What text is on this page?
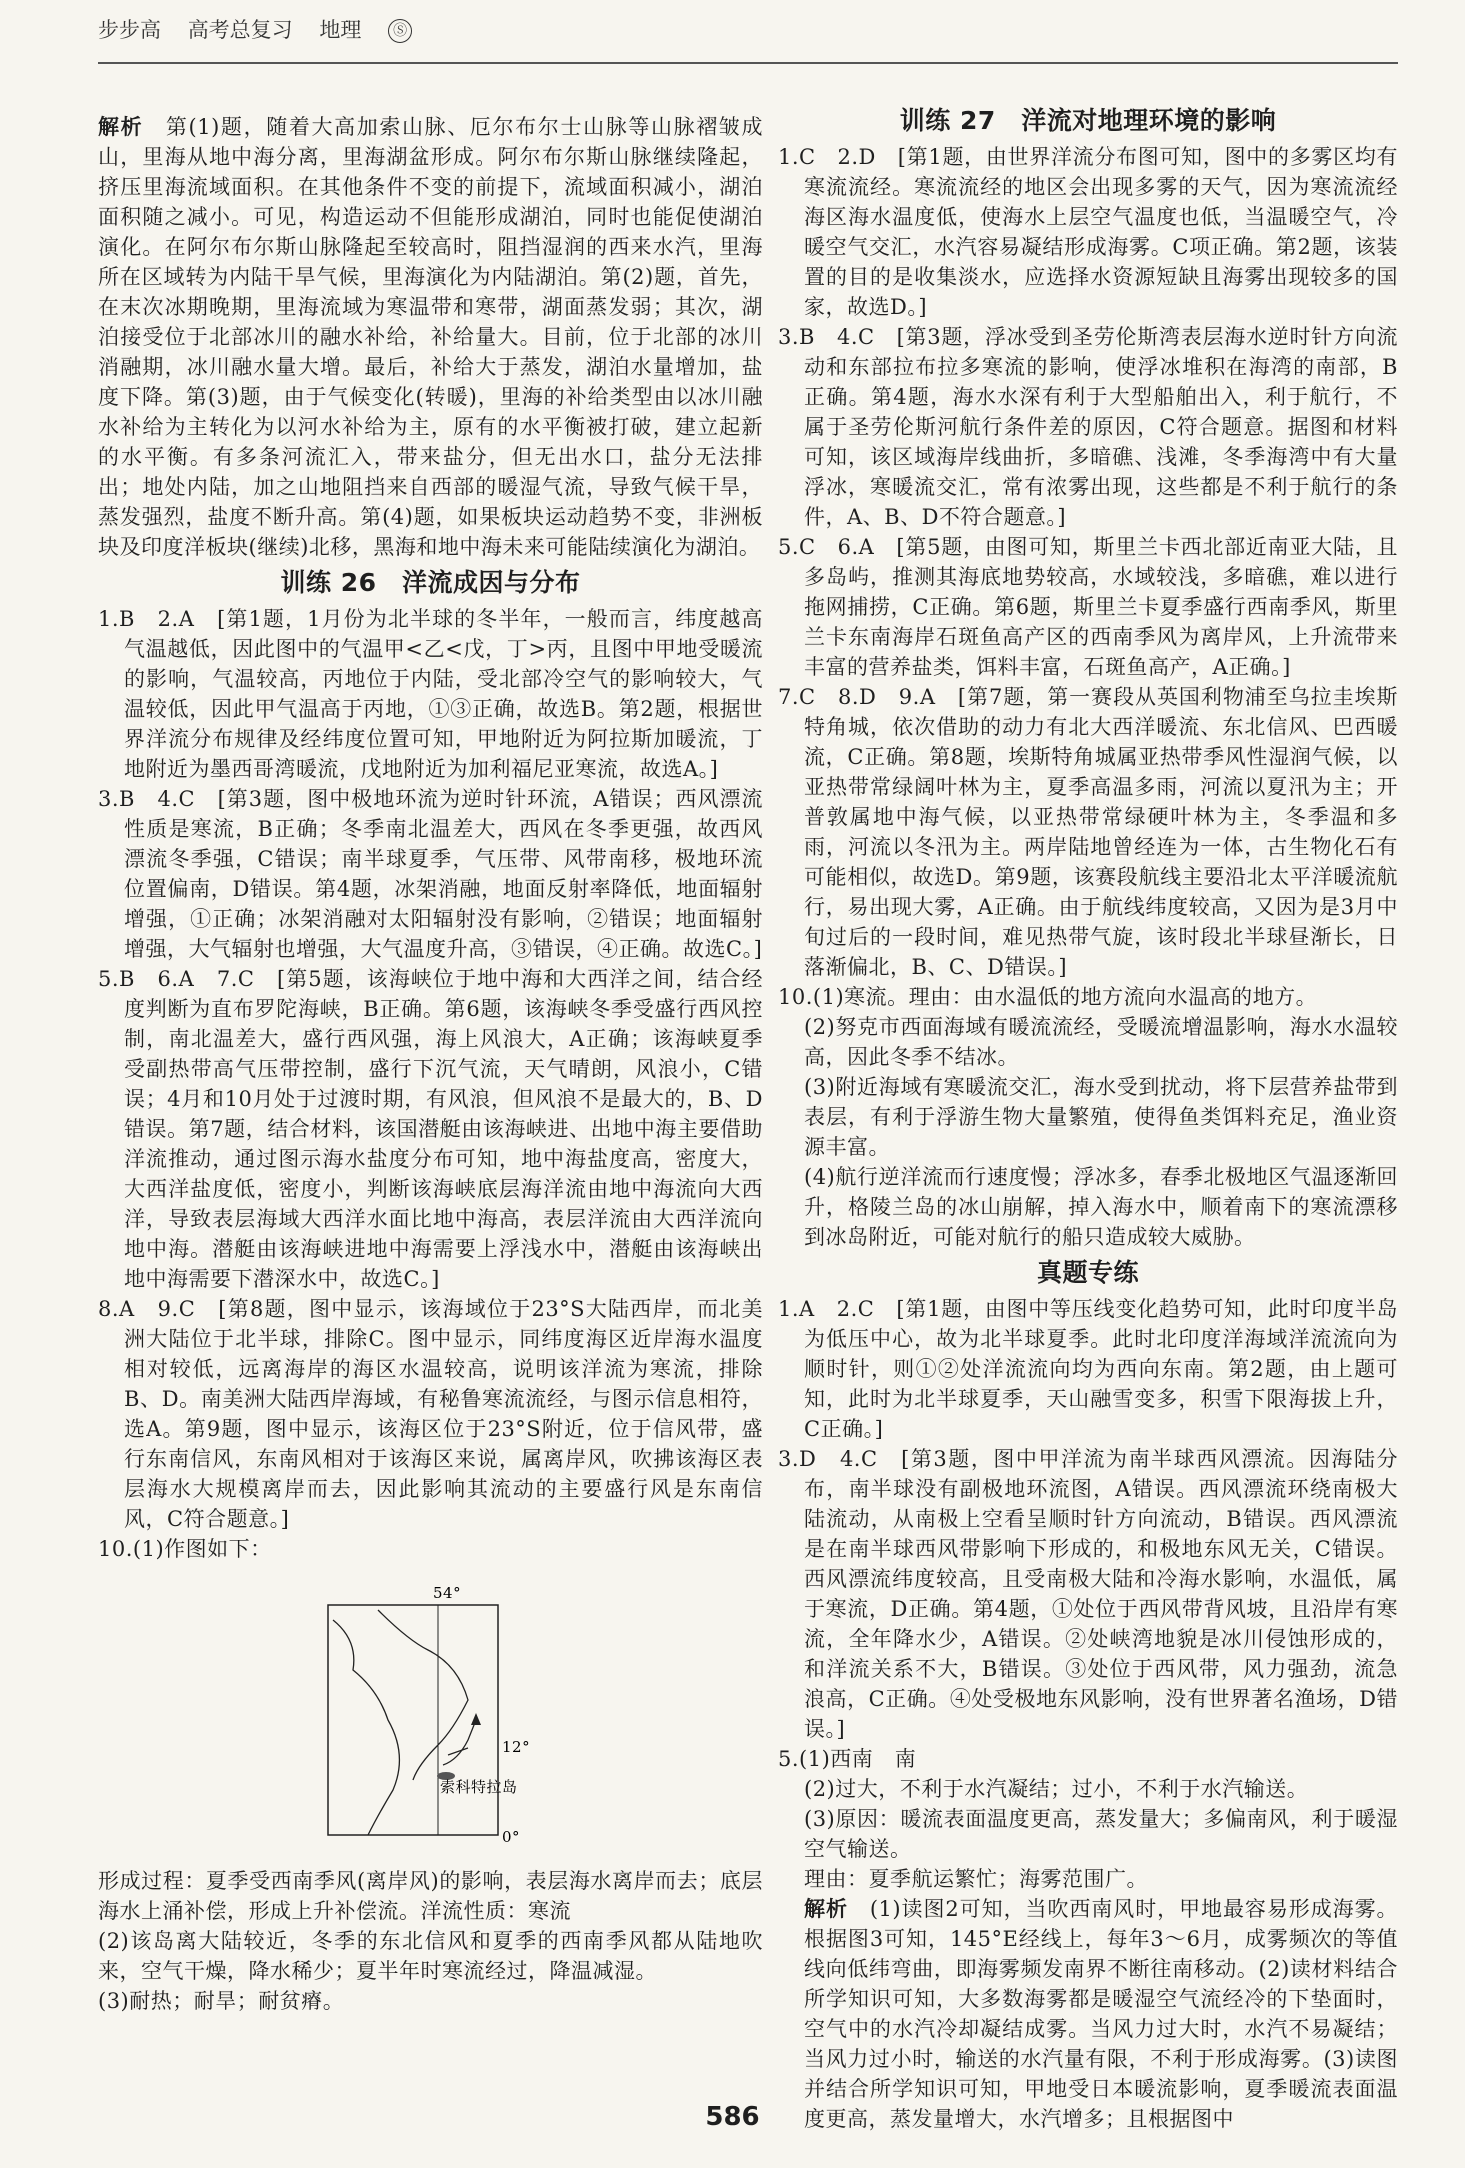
步步高 高考总复习 地理 Ⓢ

解析　 第(1)题，随着大高加索山脉、厄尔布尔士山脉等山脉褶皱成山，里海从地中海分离，里海湖盆形成。阿尔布尔斯山脉继续隆起，挤压里海流域面积。在其他条件不变的前提下，流域面积减小，湖泊面积随之减小。可见，构造运动不但能形成湖泊，同时也能促使湖泊演化。在阿尔布尔斯山脉隆起至较高时，阻挡湿润的西来水汽，里海所在区域转为内陆干旱气候，里海演化为内陆湖泊。第(2)题，首先，在末次冰期晚期，里海流域为寒温带和寒带，湖面蒸发弱；其次，湖泊接受位于北部冰川的融水补给，补给量大。目前，位于北部的冰川消融期，冰川融水量大增。最后，补给大于蒸发，湖泊水量增加，盐度下降。第(3)题，由于气候变化(转暖)，里海的补给类型由以冰川融水补给为主转化为以河水补给为主，原有的水平衡被打破，建立起新的水平衡。有多条河流汇入，带来盐分，但无出水口，盐分无法排出；地处内陆，加之山地阻挡来自西部的暖湿气流，导致气候干旱，蒸发强烈，盐度不断升高。第(4)题，如果板块运动趋势不变，非洲板块及印度洋板块(继续)北移，黑海和地中海未来可能陆续演化为湖泊。

训练 26　洋流成因与分布

1.B　2.A　[第1题，1月份为北半球的冬半年，一般而言，纬度越高气温越低，因此图中的气温甲<乙<戊，丁>丙，且图中甲地受暖流的影响，气温较高，丙地位于内陆，受北部冷空气的影响较大，气温较低，因此甲气温高于丙地，①③正确，故选B。第2题，根据世界洋流分布规律及经纬度位置可知，甲地附近为阿拉斯加暖流，丁地附近为墨西哥湾暖流，戊地附近为加利福尼亚寒流，故选A。]

3.B　4.C　[第3题，图中极地环流为逆时针环流，A错误；西风漂流性质是寒流，B正确；冬季南北温差大，西风在冬季更强，故西风漂流冬季强，C错误；南半球夏季，气压带、风带南移，极地环流位置偏南，D错误。第4题，冰架消融，地面反射率降低，地面辐射增强，①正确；冰架消融对太阳辐射没有影响，②错误；地面辐射增强，大气辐射也增强，大气温度升高，③错误，④正确。故选C。]

5.B　6.A　7.C　[第5题，该海峡位于地中海和大西洋之间，结合经度判断为直布罗陀海峡，B正确。第6题，该海峡冬季受盛行西风控制，南北温差大，盛行西风强，海上风浪大，A正确；该海峡夏季受副热带高气压带控制，盛行下沉气流，天气晴朗，风浪小，C错误；4月和10月处于过渡时期，有风浪，但风浪不是最大的，B、D错误。第7题，结合材料，该国潜艇由该海峡进、出地中海主要借助洋流推动，通过图示海水盐度分布可知，地中海盐度高，密度大，大西洋盐度低，密度小，判断该海峡底层海洋流由地中海流向大西洋，导致表层海域大西洋水面比地中海高，表层洋流由大西洋流向地中海。潜艇由该海峡进地中海需要上浮浅水中，潜艇由该海峡出地中海需要下潜深水中，故选C。]

8.A　9.C　[第8题，图中显示，该海域位于23°S大陆西岸，而北美洲大陆位于北半球，排除C。图中显示，同纬度海区近岸海水温度相对较低，远离海岸的海区水温较高，说明该洋流为寒流，排除B、D。南美洲大陆西岸海域，有秘鲁寒流流经，与图示信息相符，选A。第9题，图中显示，该海区位于23°S附近，位于信风带，盛行东南信风，东南风相对于该海区来说，属离岸风，吹拂该海区表层海水大规模离岸而去，因此影响其流动的主要盛行风是东南信风，C符合题意。]

10.(1)作图如下：

54°
12°
0°
索科特拉岛

形成过程：夏季受西南季风(离岸风)的影响，表层海水离岸而去；底层海水上涌补偿，形成上升补偿流。洋流性质：寒流

(2)该岛离大陆较近，冬季的东北信风和夏季的西南季风都从陆地吹来，空气干燥，降水稀少；夏半年时寒流经过，降温减湿。

(3)耐热；耐旱；耐贫瘠。

训练 27　洋流对地理环境的影响

1.C　2.D　[第1题，由世界洋流分布图可知，图中的多雾区均有寒流流经。寒流流经的地区会出现多雾的天气，因为寒流流经海区海水温度低，使海水上层空气温度也低，当温暖空气，冷暖空气交汇，水汽容易凝结形成海雾。C项正确。第2题，该装置的目的是收集淡水，应选择水资源短缺且海雾出现较多的国家，故选D。]

3.B　4.C　[第3题，浮冰受到圣劳伦斯湾表层海水逆时针方向流动和东部拉布拉多寒流的影响，使浮冰堆积在海湾的南部，B正确。第4题，海水水深有利于大型船舶出入，利于航行，不属于圣劳伦斯河航行条件差的原因，C符合题意。据图和材料可知，该区域海岸线曲折，多暗礁、浅滩，冬季海湾中有大量浮冰，寒暖流交汇，常有浓雾出现，这些都是不利于航行的条件，A、B、D不符合题意。]

5.C　6.A　[第5题，由图可知，斯里兰卡西北部近南亚大陆，且多岛屿，推测其海底地势较高，水域较浅，多暗礁，难以进行拖网捕捞，C正确。第6题，斯里兰卡夏季盛行西南季风，斯里兰卡东南海岸石斑鱼高产区的西南季风为离岸风，上升流带来丰富的营养盐类，饵料丰富，石斑鱼高产，A正确。]

7.C　8.D　9.A　[第7题，第一赛段从英国利物浦至乌拉圭埃斯特角城，依次借助的动力有北大西洋暖流、东北信风、巴西暖流，C正确。第8题，埃斯特角城属亚热带季风性湿润气候，以亚热带常绿阔叶林为主，夏季高温多雨，河流以夏汛为主；开普敦属地中海气候，以亚热带常绿硬叶林为主，冬季温和多雨，河流以冬汛为主。两岸陆地曾经连为一体，古生物化石有可能相似，故选D。第9题，该赛段航线主要沿北太平洋暖流航行，易出现大雾，A正确。由于航线纬度较高，又因为是3月中旬过后的一段时间，难见热带气旋，该时段北半球昼渐长，日落渐偏北，B、C、D错误。]

10.(1)寒流。理由：由水温低的地方流向水温高的地方。

(2)努克市西面海域有暖流流经，受暖流增温影响，海水水温较高，因此冬季不结冰。

(3)附近海域有寒暖流交汇，海水受到扰动，将下层营养盐带到表层，有利于浮游生物大量繁殖，使得鱼类饵料充足，渔业资源丰富。

(4)航行逆洋流而行速度慢；浮冰多，春季北极地区气温逐渐回升，格陵兰岛的冰山崩解，掉入海水中，顺着南下的寒流漂移到冰岛附近，可能对航行的船只造成较大威胁。

真题专练

1.A　2.C　[第1题，由图中等压线变化趋势可知，此时印度半岛为低压中心，故为北半球夏季。此时北印度洋海域洋流流向为顺时针，则①②处洋流流向均为西向东南。第2题，由上题可知，此时为北半球夏季，天山融雪变多，积雪下限海拔上升，C正确。]

3.D　4.C　[第3题，图中甲洋流为南半球西风漂流。因海陆分布，南半球没有副极地环流图，A错误。西风漂流环绕南极大陆流动，从南极上空看呈顺时针方向流动，B错误。西风漂流是在南半球西风带影响下形成的，和极地东风无关，C错误。西风漂流纬度较高，且受南极大陆和冷海水影响，水温低，属于寒流，D正确。第4题，①处位于西风带背风坡，且沿岸有寒流，全年降水少，A错误。②处峡湾地貌是冰川侵蚀形成的，和洋流关系不大，B错误。③处位于西风带，风力强劲，流急浪高，C正确。④处受极地东风影响，没有世界著名渔场，D错误。]

5.(1)西南　南

(2)过大，不利于水汽凝结；过小，不利于水汽输送。

(3)原因：暖流表面温度更高，蒸发量大；多偏南风，利于暖湿空气输送。

理由：夏季航运繁忙；海雾范围广。

解析　 (1)读图2可知，当吹西南风时，甲地最容易形成海雾。根据图3可知，145°E经线上，每年3～6月，成雾频次的等值线向低纬弯曲，即海雾频发南界不断往南移动。(2)读材料结合所学知识可知，大多数海雾都是暖湿空气流经冷的下垫面时，空气中的水汽冷却凝结成雾。当风力过大时，水汽不易凝结；当风力过小时，输送的水汽量有限，不利于形成海雾。(3)读图并结合所学知识可知，甲地受日本暖流影响，夏季暖流表面温度更高，蒸发量增大，水汽增多；且根据图中

586
